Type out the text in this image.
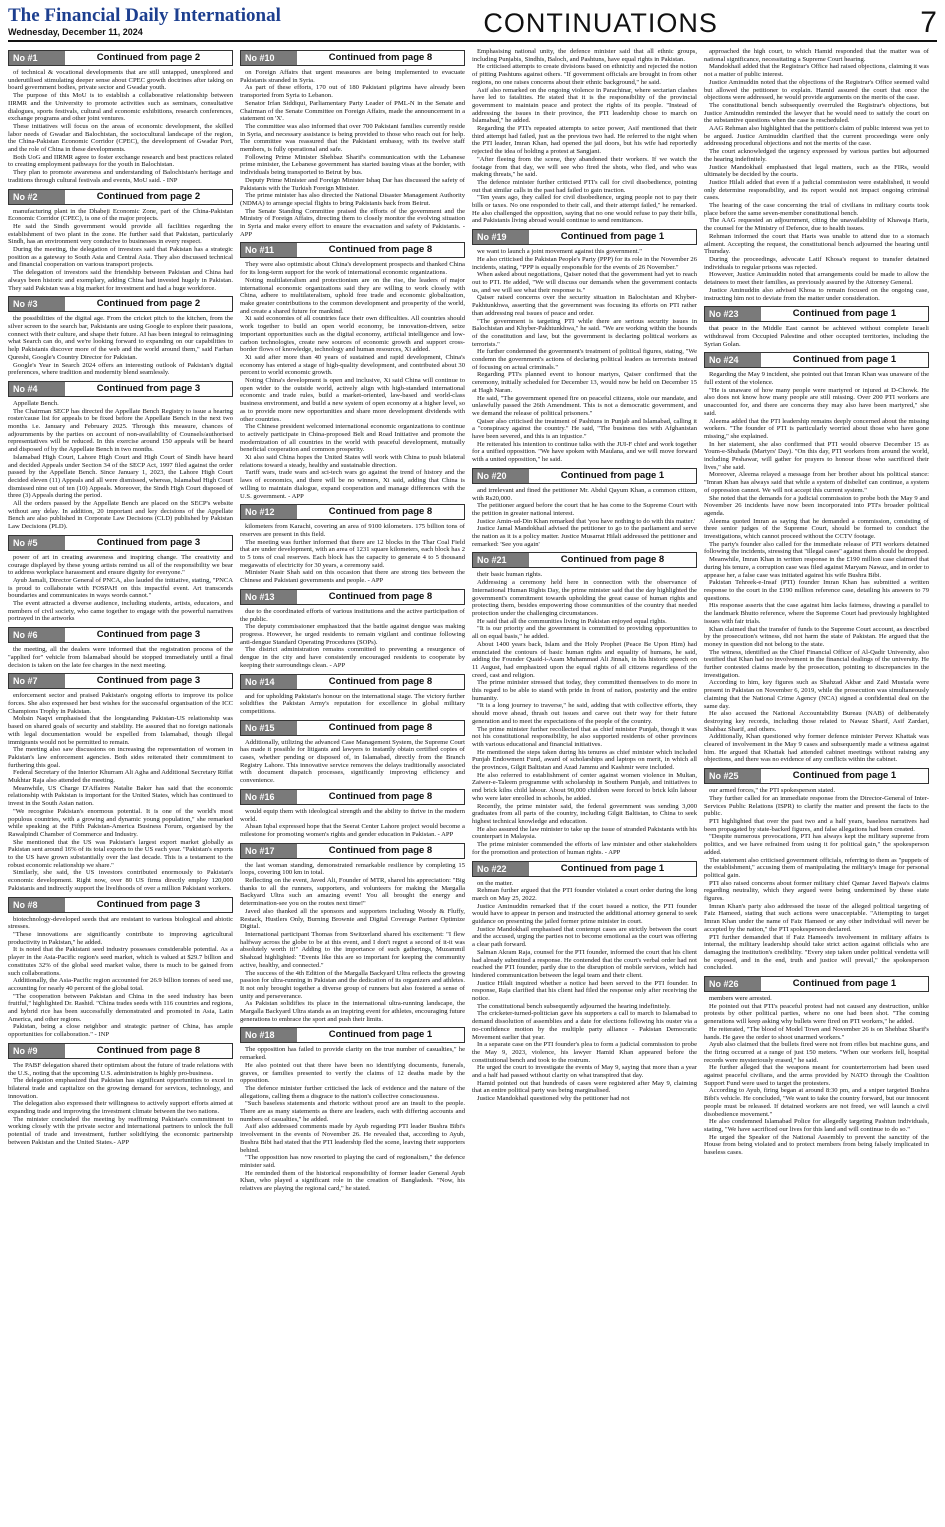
The Financial Daily International
Wednesday, December 11, 2024	CONTINUATIONS	7
No #1	Continued from page 2

of technical & vocational developments that are still untapped, unexplored and underutilised stimulating deeper sense about CPEC growth doctrines after taking on board government bodies, private sector and Gwadar youth.

The purpose of this MoU is to establish a collaborative relationship between IIRMR and the University to promote activities such as seminars, consultative dialogues, sports festivals, cultural and economic exhibitions, research conferences, exchange programs and other joint ventures.

These initiatives will focus on the areas of economic development, the skilled labor needs of Gwadar and Balochistan, the sociocultural landscape of the region, the China-Pakistan Economic Corridor (CPEC), the development of Gwadar Port, and the role of China in these developments.

Both UoG and IIRMR agree to foster exchange research and best practices related to creating employment pathways for the youth in Balochistan.

They plan to promote awareness and understanding of Balochistan's heritage and traditions through cultural festivals and events, MoU said. - INP

No #2	Continued from page 2

manufacturing plant in the Dhabeji Economic Zone, part of the China-Pakistan Economic Corridor (CPEC), is one of the major projects.

He said the Sindh government would provide all facilities regarding the establishment of two plant in the zone. He further said that Pakistan, particularly Sindh, has an environment very conducive to businesses in every respect.

During the meeting, the delegation of investors said that Pakistan has a strategic position as a gateway to South Asia and Central Asia. They also discussed technical and financial cooperation on various transport projects.

The delegation of investors said the friendship between Pakistan and China had always been historic and exemplary, adding China had invested hugely in Pakistan. They said Pakistan was a big market for investment and had a huge workforce.

No #3	Continued from page 2

the possibilities of the digital age. From the cricket pitch to the kitchen, from the silver screen to the search bar, Pakistanis are using Google to explore their passions, connect with their culture, and shape their future. AI has been integral to reimagining what Search can do, and we're looking forward to expanding on our capabilities to help Pakistanis discover more of the web and the world around them," said Farhan Qureshi, Google's Country Director for Pakistan.

Google's Year in Search 2024 offers an interesting outlook of Pakistan's digital preferences, where tradition and modernity blend seamlessly.

No #4	Continued from page 3

Appellate Bench.

The Chairman SECP has directed the Appellate Bench Registry to issue a hearing roster/cause list for appeals to be fixed before the Appellate Bench in the next two months i.e. January and February 2025. Through this measure, chances of adjournments by the parties on account of non-availability of Counsels/authorised representatives will be reduced. In this exercise around 150 appeals will be heard and disposed of by the Appellate Bench in two months.

Islamabad High Court, Lahore High Court and High Court of Sindh have heard and decided Appeals under Section 34 of the SECP Act, 1997 filed against the order passed by the Appellate Bench. Since January 1, 2023, the Lahore High Court decided eleven (11) Appeals and all were dismissed, whereas, Islamabad High Court dismissed nine out of ten (10) Appeals. Moreover, the Sindh High Court disposed of three (3) Appeals during the period.

All the orders passed by the Appellate Bench are placed on the SECP's website without any delay. In addition, 20 important and key decisions of the Appellate Bench are also published in Corporate Law Decisions (CLD) published by Pakistan Law Decisions (PLD).

No #5	Continued from page 3

power of art in creating awareness and inspiring change. The creativity and courage displayed by these young artists remind us all of the responsibility we bear to address workplace harassment and ensure dignity for everyone."

Ayub Jamali, Director General of PNCA, also lauded the initiative, stating, "PNCA is proud to collaborate with FOSPAH on this impactful event. Art transcends boundaries and communicates in ways words cannot."

The event attracted a diverse audience, including students, artists, educators, and members of civil society, who came together to engage with the powerful narratives portrayed in the artworks

No #6	Continued from page 3

the meeting, all the dealers were informed that the registration process of the "applied for" vehicle from Islamabad should be stopped immediately until a final decision is taken on the late fee charges in the next meeting.

No #7	Continued from page 3

enforcement sector and praised Pakistan's ongoing efforts to improve its police forces. She also expressed her best wishes for the successful organisation of the ICC Champions Trophy in Pakistan.

Mohsin Naqvi emphasised that the longstanding Pakistan-US relationship was based on shared goals of security and stability. He assured that no foreign nationals with legal documentation would be expelled from Islamabad, though illegal immigrants would not be permitted to remain.

The meeting also saw discussions on increasing the representation of women in Pakistan's law enforcement agencies. Both sides reiterated their commitment to furthering this goal.

Federal Secretary of the Interior Khurram Ali Agha and Additional Secretary Riffat Mukhtar Raja also attended the meeting.

Meanwhile, US Charge D'Affaires Natalie Baker has said that the economic relationship with Pakistan is important for the United States, which has continued to invest in the South Asian nation.

"We recognise Pakistan's enormous potential. It is one of the world's most populous countries, with a growing and dynamic young population," she remarked while speaking at the Fifth Pakistan-America Business Forum, organised by the Rawalpindi Chamber of Commerce and Industry.

She mentioned that the US was Pakistan's largest export market globally as Pakistan sent around 16% of its total exports to the US each year. "Pakistan's exports to the US have grown substantially over the last decade. This is a testament to the robust economic relationship we share."

Similarly, she said, the US investors contributed enormously to Pakistan's economic development. Right now, over 80 US firms directly employ 120,000 Pakistanis and indirectly support the livelihoods of over a million Pakistani workers.

No #8	Continued from page 3

biotechnology-developed seeds that are resistant to various biological and abiotic stresses.

"These innovations are significantly contribute to improving agricultural productivity in Pakistan," he added.

It is noted that the Pakistani seed industry possesses considerable potential. As a player in the Asia-Pacific region's seed market, which is valued at $29.7 billion and constitutes 32% of the global seed market value, there is much to be gained from such collaborations.

Additionally, the Asia-Pacific region accounted for 26.9 billion tonnes of seed use, accounting for nearly 40 percent of the global total.

"The cooperation between Pakistan and China in the seed industry has been fruitful," highlighted Dr. Rashid. "China trades seeds with 116 countries and regions, and hybrid rice has been successfully demonstrated and promoted in Asia, Latin America, and other regions.

Pakistan, being a close neighbor and strategic partner of China, has ample opportunities for collaboration." - INP

No #9	Continued from page 8

The PABF delegation shared their optimism about the future of trade relations with the U.S., noting that the upcoming U.S. administration is highly pro-business.

The delegation emphasized that Pakistan has significant opportunities to excel in bilateral trade and capitalize on the growing demand for services, technology, and innovation.

The delegation also expressed their willingness to actively support efforts aimed at expanding trade and improving the investment climate between the two nations.

The minister concluded the meeting by reaffirming Pakistan's commitment to working closely with the private sector and international partners to unlock the full potential of trade and investment, further solidifying the economic partnership between Pakistan and the United States.- APP

No #10	Continued from page 8

on Foreign Affairs that urgent measures are being implemented to evacuate Pakistanis stranded in Syria.

As part of these efforts, 170 out of 180 Pakistani pilgrims have already been transported from Syria to Lebanon.

Senator Irfan Siddiqui, Parliamentary Party Leader of PML-N in the Senate and Chairman of the Senate Committee on Foreign Affairs, made the announcement in a statement on 'X'.

The committee was also informed that over 700 Pakistani families currently reside in Syria, and necessary assistance is being provided to those who reach out for help. The committee was reassured that the Pakistani embassy, with its twelve staff members, is fully operational and safe.

Following Prime Minister Shehbaz Sharif's communication with the Lebanese prime minister, the Lebanese government has started issuing visas at the border, with individuals being transported to Beirut by bus.

Deputy Prime Minister and Foreign Minister Ishaq Dar has discussed the safety of Pakistanis with the Turkish Foreign Minister.

The prime minister has also directed the National Disaster Management Authority (NDMA) to arrange special flights to bring Pakistanis back from Beirut.

The Senate Standing Committee praised the efforts of the government and the Ministry of Foreign Affairs, directing them to closely monitor the evolving situation in Syria and make every effort to ensure the evacuation and safety of Pakistanis. - APP

No #11	Continued from page 8

They were also optimistic about China's development prospects and thanked China for its long-term support for the work of international economic organizations.

Noting multilateralism and protectionism are on the rise, the leaders of major international economic organizations said they are willing to work closely with China, adhere to multilateralism, uphold free trade and economic globalization, make greater contributions to the common development and prosperity of the world, and create a shared future for mankind.

Xi said economies of all countries face their own difficulties. All countries should work together to build an open world economy, be innovation-driven, seize important opportunities such as the digital economy, artificial intelligence and low-carbon technologies, create new sources of economic growth and support cross-border flows of knowledge, technology and human resources, Xi added.

Xi said after more than 40 years of sustained and rapid development, China's economy has entered a stage of high-quality development, and contributed about 30 percent to world economic growth.

Noting China's development is open and inclusive, Xi said China will continue to open wider to the outside world, actively align with high-standard international economic and trade rules, build a market-oriented, law-based and world-class business environment, and build a new system of open economy at a higher level, so as to provide more new opportunities and share more development dividends with other countries.

The Chinese president welcomed international economic organizations to continue to actively participate in China-proposed Belt and Road Initiative and promote the modernization of all countries in the world with peaceful development, mutually beneficial cooperation and common prosperity.

Xi also said China hopes the United States will work with China to push bilateral relations toward a steady, healthy and sustainable direction.

Tariff wars, trade wars and sci-tech wars go against the trend of history and the laws of economics, and there will be no winners, Xi said, adding that China is willing to maintain dialogue, expand cooperation and manage differences with the U.S. government. - APP

No #12	Continued from page 8

kilometers from Karachi, covering an area of 9100 kilometers. 175 billion tons of reserves are present in this field.

The meeting was further informed that there are 12 blocks in the Thar Coal Field that are under development, with an area of 1231 square kilometers, each block has 2 to 5 tons of coal reserves. Each block has the capacity to generate 4 to 5 thousand megawatts of electricity for 30 years, a ceremony said.

Minister Nasir Shah said on this occasion that there are strong ties between the Chinese and Pakistani governments and people. - APP

No #13	Continued from page 8

due to the coordinated efforts of various institutions and the active participation of the public.

The deputy commissioner emphasized that the battle against dengue was making progress. However, he urged residents to remain vigilant and continue following anti-dengue Standard Operating Procedures (SOPs).

The district administration remains committed to preventing a resurgence of dengue in the city and have consistently encouraged residents to cooperate by keeping their surroundings clean. - APP

No #14	Continued from page 8

and for upholding Pakistan's honour on the international stage. The victory further solidifies the Pakistan Army's reputation for excellence in global military competitions.

No #15	Continued from page 8

Additionally, utilizing the advanced Case Management System, the Supreme Court has made it possible for litigants and lawyers to instantly obtain certified copies of cases, whether pending or disposed of, in Islamabad, directly from the Branch Registry Lahore. This innovative service removes the delays traditionally associated with document dispatch processes, significantly improving efficiency and convenience.

No #16	Continued from page 8

would equip them with ideological strength and the ability to thrive in the modern world.

Ahsan Iqbal expressed hope that the Seerat Center Lahore project would become a milestone for promoting women's rights and gender education in Pakistan. - APP

No #17	Continued from page 8

the last woman standing, demonstrated remarkable resilience by completing 15 loops, covering 100 km in total.

Reflecting on the event, Javed Ali, Founder of MTR, shared his appreciation: "Big thanks to all the runners, supporters, and volunteers for making the Margalla Backyard Ultra such an amazing event! You all brought the energy and determination-see you on the routes next time!"

Javed also thanked all the sponsors and supporters including Woody & Fluffy, Restack, Hustlers Only, Burning Brownie and Digital Coverage Partner Optimize Digital.

International participant Thomas from Switzerland shared his excitement: "I flew halfway across the globe to be at this event, and I don't regret a second of it-it was absolutely worth it!" Adding to the importance of such gatherings, Muzammil Shahzad highlighted: "Events like this are so important for keeping the community active, healthy, and connected."

The success of the 4th Edition of the Margalla Backyard Ultra reflects the growing passion for ultra-running in Pakistan and the dedication of its organizers and athletes. It not only brought together a diverse group of runners but also fostered a sense of unity and perseverance.

As Pakistan solidifies its place in the international ultra-running landscape, the Margalla Backyard Ultra stands as an inspiring event for athletes, encouraging future generations to embrace the sport and push their limits.

No #18	Continued from page 1

The opposition has failed to provide clarity on the true number of casualties," he remarked.

He also pointed out that there have been no identifying documents, funerals, graves, or families presented to verify the claims of 12 deaths made by the opposition.

The defence minister further criticised the lack of evidence and the nature of the allegations, calling them a disgrace to the nation's collective consciousness.

"Such baseless statements and rhetoric without proof are an insult to the people. There are as many statements as there are leaders, each with differing accounts and numbers of casualties," he added.

Asif also addressed comments made by Ayub regarding PTI leader Bushra Bibi's involvement in the events of November 26. He revealed that, according to Ayub, Bushra Bibi had stated that the PTI leadership fled the scene, leaving their supporters behind.

"The opposition has now resorted to playing the card of regionalism," the defence minister said.

He reminded them of the historical responsibility of former leader General Ayub Khan, who played a significant role in the creation of Bangladesh. "Now, his relatives are playing the regional card," he stated.

Emphasising national unity, the defence minister said that all ethnic groups, including Punjabis, Sindhis, Baloch, and Pashtuns, have equal rights in Pakistan.

He criticised attempts to create divisions based on ethnicity and rejected the notion of pitting Pashtuns against others. "If government officials are brought in from other regions, no one raises concerns about their ethnic background," he said.

Asif also remarked on the ongoing violence in Parachinar, where sectarian clashes have led to fatalities. He stated that it is the responsibility of the provincial government to maintain peace and protect the rights of its people. "Instead of addressing the issues in their province, the PTI leadership chose to march on Islamabad," he added.

Regarding the PTI's repeated attempts to seize power, Asif mentioned that their third attempt had failed, just as the previous two had. He referred to the night when the PTI leader, Imran Khan, had opened the jail doors, but his wife had reportedly rejected the idea of holding a protest at Sangjani.

"After fleeing from the scene, they abandoned their workers. If we watch the footage from that day, we will see who fired the shots, who fled, and who was making threats," he said.

The defence minister further criticised PTI's call for civil disobedience, pointing out that similar calls in the past had failed to gain traction.

"Ten years ago, they called for civil disobedience, urging people not to pay their bills or taxes. No one responded to their call, and their attempt failed," he remarked. He also challenged the opposition, saying that no one would refuse to pay their bills, and Pakistanis living abroad would continue to send remittances.

No #19	Continued from page 1

we want to launch a joint movement against this government."

He also criticised the Pakistan People's Party (PPP) for its role in the November 26 incidents, stating, "PPP is equally responsible for the events of 26 November."

When asked about negotiations, Qaiser noted that the government had yet to reach out to PTI. He added, "We will discuss our demands when the government contacts us, and we will see what their response is."

Qaiser raised concerns over the security situation in Balochistan and Khyber-Pakhtunkhwa, asserting that the government was focusing its efforts on PTI rather than addressing real issues of peace and order.

"The government is targeting PTI while there are serious security issues in Balochistan and Khyber-Pakhtunkhwa," he said. "We are working within the bounds of the constitution and law, but the government is declaring political workers as terrorists."

He further condemned the government's treatment of political figures, stating, "We condemn the government's actions of declaring political leaders as terrorists instead of focusing on actual criminals."

Regarding PTI's planned event to honour martyrs, Qaiser confirmed that the ceremony, initially scheduled for December 13, would now be held on December 15 at Hagh Naran.

He said, "The government opened fire on peaceful citizens, stole our mandate, and unlawfully passed the 26th Amendment. This is not a democratic government, and we demand the release of political prisoners."

Qaiser also criticised the treatment of Pashtuns in Punjab and Islamabad, calling it a "conspiracy against the country." He said, "The business ties with Afghanistan have been severed, and this is an injustice."

He reiterated his intention to continue talks with the JUI-F chief and work together for a unified opposition. "We have spoken with Maulana, and we will move forward with a united opposition," he said.

No #20	Continued from page 1

and irrelevant and fined the petitioner Mr. Abdul Qayum Khan, a common citizen, with Rs20,000.

The petitioner argued before the court that he has come to the Supreme Court with the petition in greater national interest.

Justice Amin-ud-Din Khan remarked that 'you have nothing to do with this matter.'

Justice Jamal Mandokhail advised the petitioner to go to the parliament and serve the nation as it is a policy matter. Justice Musarrat Hilali addressed the petitioner and remarked: 'See you again'

No #21	Continued from page 8

their basic human rights.

Addressing a ceremony held here in connection with the observance of International Human Rights Day, the prime minister said that the day highlighted the government's commitment towards upholding the great cause of human rights and protecting them, besides empowering those communities of the country that needed protection under the challenging circumstances.

He said that all the communities living in Pakistan enjoyed equal rights.

"It is our priority and the government is committed to providing opportunities to all on equal basis," he added.

About 1400 years back, Islam and the Holy Prophet (Peace Be Upon Him) had enunciated the contours of basic human rights and equality of humans, he said, adding the Founder Quaid-i-Azam Muhammad Ali Jinnah, in his historic speech on 11 August, had emphasized upon the equal rights of all citizens regardless of the creed, cast and religion.

The prime minister stressed that today, they committed themselves to do more in this regard to be able to stand with pride in front of nation, posterity and the entire humanity.

"It is a long journey to traverse," he said, adding that with collective efforts, they should move ahead, thrash out issues and carve out their way for their future generation and to meet the expectations of the people of the country.

The prime minister further recollected that as chief minister Punjab, though it was not his constitutional responsibility, he also supported residents of other provinces with various educational and financial initiatives.

He mentioned the steps taken during his tenures as chief minister which included Punjab Endowment Fund, award of scholarships and laptops on merit, in which all the provinces, Gilgit Baltistan and Azad Jammu and Kashmir were included.

He also referred to establishment of center against women violence in Multan, Zaiwer-e-Taleem programme with scholarship in Southern Punjab, and initiatives to end brick kilns child labour. About 90,000 children were forced to brick kiln labour who were later enrolled in schools, he added.

Recently, the prime minister said, the federal government was sending 3,000 graduates from all parts of the country, including Gilgit Baltistan, to China to seek highest technical knowledge and education.

He also assured the law minister to take up the issue of stranded Pakistanis with his counterpart in Malaysia.

The prime minister commended the efforts of law minister and other stakeholders for the promotion and protection of human rights. - APP

No #22	Continued from page 1

on the matter.

Rehman further argued that the PTI founder violated a court order during the long march on May 25, 2022.

Justice Aminuddin remarked that if the court issued a notice, the PTI founder would have to appear in person and instructed the additional attorney general to seek guidance on presenting the jailed former prime minister in court.

Justice Mandokhail emphasised that contempt cases are strictly between the court and the accused, urging the parties not to become emotional as the court was offering a clear path forward.

Salman Akram Raja, counsel for the PTI founder, informed the court that his client had already submitted a response. He contended that the court's verbal order had not reached the PTI founder, partly due to the disruption of mobile services, which had hindered communication between the legal team and their client.

Justice Hilali inquired whether a notice had been served to the PTI founder. In response, Raja clarified that his client had filed the response only after receiving the notice.

The constitutional bench subsequently adjourned the hearing indefinitely.

The cricketer-turned-politician gave his supporters a call to march to Islamabad to demand dissolution of assemblies and a date for elections following his ouster via a no-confidence motion by the multiple party alliance - Pakistan Democratic Movement earlier that year.

In a separate case on the PTI founder's plea to form a judicial commission to probe the May 9, 2023, violence, his lawyer Hamid Khan appeared before the constitutional bench and took to the rostrum.

He urged the court to investigate the events of May 9, saying that more than a year and a half had passed without clarity on what transpired that day.

Hamid pointed out that hundreds of cases were registered after May 9, claiming that an entire political party was being marginalised.

Justice Mandokhail questioned why the petitioner had not

approached the high court, to which Hamid responded that the matter was of national significance, necessitating a Supreme Court hearing.

Mandokhail added that the Registrar's Office had raised objections, claiming it was not a matter of public interest.

Justice Aminuddin noted that the objections of the Registrar's Office seemed valid but allowed the petitioner to explain. Hamid assured the court that once the objections were addressed, he would provide arguments on the merits of the case.

The constitutional bench subsequently overruled the Registrar's objections, but Justice Aminuddin reminded the lawyer that he would need to satisfy the court on the substantive questions when the case is rescheduled.

AAG Rehman also highlighted that the petition's claim of public interest was yet to be argued. Justice Aminuddin clarified that the current proceedings were only addressing procedural objections and not the merits of the case.

The court acknowledged the urgency expressed by various parties but adjourned the hearing indefinitely.

Justice Mandokhail emphasised that legal matters, such as the FIRs, would ultimately be decided by the courts.

Justice Hilali added that even if a judicial commission were established, it would only determine responsibility, and its report would not impact ongoing criminal cases.

The hearing of the case concerning the trial of civilians in military courts took place before the same seven-member constitutional bench.

The AAG requested an adjournment, citing the unavailability of Khawaja Haris, the counsel for the Ministry of Defence, due to health issues.

Rehman informed the court that Haris was unable to attend due to a stomach ailment. Accepting the request, the constitutional bench adjourned the hearing until Thursday.

During the proceedings, advocate Latif Khosa's request to transfer detained individuals to regular prisons was rejected.

However, Justice Aminuddin noted that arrangements could be made to allow the detainees to meet their families, as previously assured by the Attorney General.

Justice Aminuddin also advised Khosa to remain focused on the ongoing case, instructing him not to deviate from the matter under consideration.

No #23	Continued from page 1

that peace in the Middle East cannot be achieved without complete Israeli withdrawal from Occupied Palestine and other occupied territories, including the Syrian Golan.

No #24	Continued from page 1

Regarding the May 9 incident, she pointed out that Imran Khan was unaware of the full extent of the violence.

"He is unaware of how many people were martyred or injured at D-Chowk. He also does not know how many people are still missing. Over 200 PTI workers are unaccounted for, and there are concerns they may also have been martyred," she said.

Aleema added that the PTI leadership remains deeply concerned about the missing workers. "The founder of PTI is particularly worried about those who have gone missing," she explained.

In her statement, she also confirmed that PTI would observe December 15 as Youm-e-Shuhada (Martyrs' Day). "On this day, PTI workers from around the world, including Peshawar, will gather for prayers to honour those who sacrificed their lives," she said.

Moreover, Aleema relayed a message from her brother about his political stance: "Imran Khan has always said that while a system of disbelief can continue, a system of oppression cannot. We will not accept this current system."

She noted that the demands for a judicial commission to probe both the May 9 and November 26 incidents have now been incorporated into PTI's broader political agenda.

Aleema quoted Imran as saying that he demanded a commission, consisting of three senior judges of the Supreme Court, should be formed to conduct the investigations, which cannot proceed without the CCTV footage.

The party's founder also called for the immediate release of PTI workers detained following the incidents, stressing that "illegal cases" against them should be dropped.

Meanwhile, Imran Khan in written response in the £190 million case claimed that during his tenure, a corruption case was filed against Maryam Nawaz, and in order to appease her, a false case was initiated against his wife Bushra Bibi.

Pakistan Tehreek-e-Insaf (PTI) founder Imran Khan has submitted a written response to the court in the £190 million reference case, detailing his answers to 79 questions.

His response asserts that the case against him lacks fairness, drawing a parallel to the landmark Bhutto reference, where the Supreme Court had previously highlighted issues with fair trials.

Khan claimed that the transfer of funds to the Supreme Court account, as described by the prosecution's witness, did not harm the state of Pakistan. He argued that the money in question did not belong to the state.

The witness, identified as the Chief Financial Officer of Al-Qadir University, also testified that Khan had no involvement in the financial dealings of the university. He further contested claims made by the prosecution, pointing to discrepancies in the investigation.

According to him, key figures such as Shahzad Akbar and Zaid Mustafa were present in Pakistan on November 6, 2019, while the prosecution was simultaneously claiming that the National Crime Agency (NCA) signed a confidential deal on the same day.

He also accused the National Accountability Bureau (NAB) of deliberately destroying key records, including those related to Nawaz Sharif, Asif Zardari, Shahbaz Sharif, and others.

Additionally, Khan questioned why former defence minister Pervez Khattak was cleared of involvement in the May 9 cases and subsequently made a witness against him. He argued that Khattak had attended cabinet meetings without raising any objections, and there was no evidence of any conflicts within the cabinet.

No #25	Continued from page 1

our armed forces," the PTI spokesperson stated.

They further called for an immediate response from the Director-General of Inter-Services Public Relations (ISPR) to clarify the matter and present the facts to the public.

PTI highlighted that over the past two and a half years, baseless narratives had been propagated by state-backed figures, and false allegations had been created.

"Despite numerous provocations, PTI has always kept the military supreme from politics, and we have refrained from using it for political gain," the spokesperson added.

The statement also criticised government officials, referring to them as "puppets of the establishment," accusing them of manipulating the military's image for personal political gain.

PTI also raised concerns about former military chief Qamar Javed Bajwa's claims regarding neutrality, which they argued were being undermined by these state figures.

Imran Khan's party also addressed the issue of the alleged political targeting of Faiz Hameed, stating that such actions were unacceptable. "Attempting to target Imran Khan under the name of Faiz Hameed or any other individual will never be accepted by the nation," the PTI spokesperson declared.

PTI further demanded that if Faiz Hameed's involvement in military affairs is internal, the military leadership should take strict action against officials who are damaging the institution's credibility. "Every step taken under political vendetta will be exposed, and in the end, truth and justice will prevail," the spokesperson concluded.

No #26	Continued from page 1

members were arrested.

He pointed out that PTI's peaceful protest had not caused any destruction, unlike protests by other political parties, where no one had been shot. "The coming generations will keep asking why bullets were fired on PTI workers," he added.

He reiterated, "The blood of Model Town and November 26 is on Shehbaz Sharif's hands. He gave the order to shoot unarmed workers."

Ayub also claimed that the bullets fired were not from rifles but machine guns, and the firing occurred at a range of just 150 meters. "When our workers fell, hospital records were mysteriously erased," he said.

He further alleged that the weapons meant for counterterrorism had been used against peaceful civilians, and the arms provided by NATO through the Coalition Support Fund were used to target the protesters.

According to Ayub, firing began at around 8:30 pm, and a sniper targeted Bushra Bibi's vehicle. He concluded, "We want to take the country forward, but our innocent people must be released. If detained workers are not freed, we will launch a civil disobedience movement."

He also condemned Islamabad Police for allegedly targeting Pashtun individuals, stating, "We have sacrificed our lives for this land and will continue to do so."

He urged the Speaker of the National Assembly to prevent the sanctity of the House from being violated and to protect members from being falsely implicated in baseless cases.
